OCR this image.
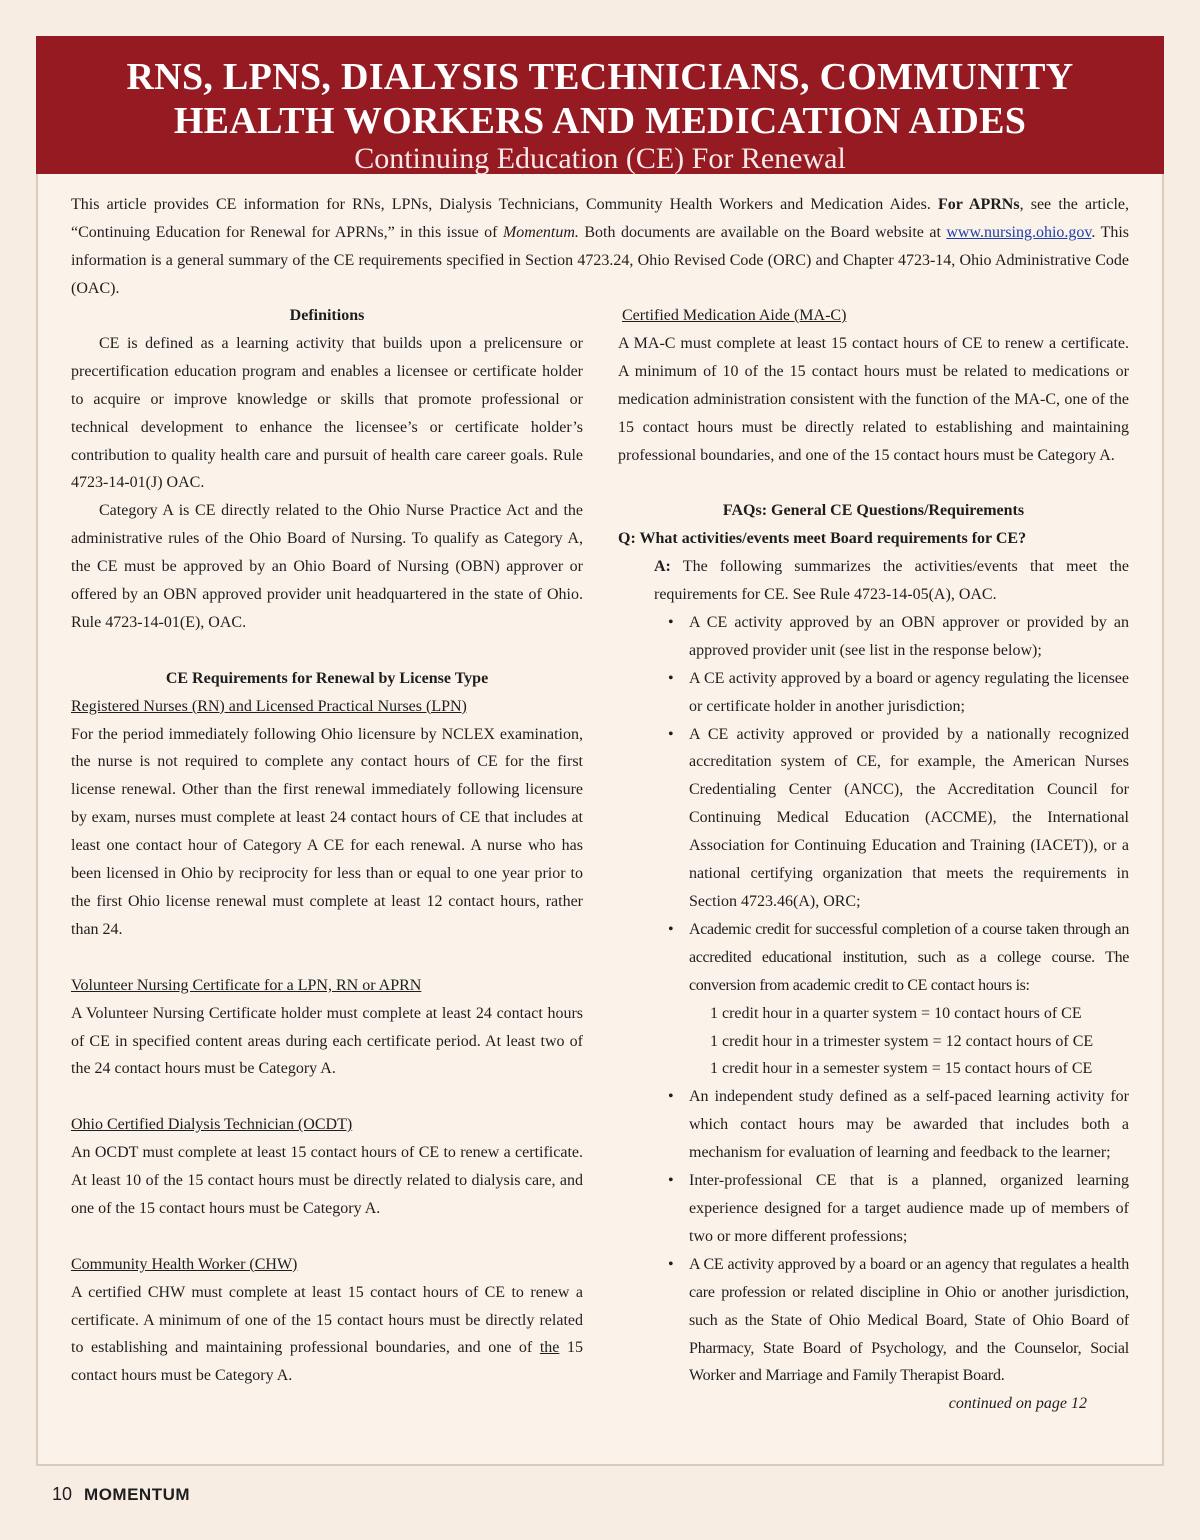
RNS, LPNS, DIALYSIS TECHNICIANS, COMMUNITY
HEALTH WORKERS AND MEDICATION AIDES
Continuing Education (CE) For Renewal
This article provides CE information for RNs, LPNs, Dialysis Technicians, Community Health Workers and Medication Aides. For APRNs, see the article, “Continuing Education for Renewal for APRNs,” in this issue of Momentum. Both documents are available on the Board website at www.nursing.ohio.gov. This information is a general summary of the CE requirements specified in Section 4723.24, Ohio Revised Code (ORC) and Chapter 4723-14, Ohio Administrative Code (OAC).

Definitions

CE is defined as a learning activity that builds upon a prelicensure or precertification education program and enables a licensee or certificate holder to acquire or improve knowledge or skills that promote professional or technical development to enhance the licensee’s or certificate holder’s contribution to quality health care and pursuit of health care career goals. Rule 4723-14-01(J) OAC.

Category A is CE directly related to the Ohio Nurse Practice Act and the administrative rules of the Ohio Board of Nursing. To qualify as Category A, the CE must be approved by an Ohio Board of Nursing (OBN) approver or offered by an OBN approved provider unit headquartered in the state of Ohio. Rule 4723-14-01(E), OAC.

CE Requirements for Renewal by License Type

Registered Nurses (RN) and Licensed Practical Nurses (LPN)

For the period immediately following Ohio licensure by NCLEX examination, the nurse is not required to complete any contact hours of CE for the first license renewal. Other than the first renewal immediately following licensure by exam, nurses must complete at least 24 contact hours of CE that includes at least one contact hour of Category A CE for each renewal. A nurse who has been licensed in Ohio by reciprocity for less than or equal to one year prior to the first Ohio license renewal must complete at least 12 contact hours, rather than 24.

Volunteer Nursing Certificate for a LPN, RN or APRN

A Volunteer Nursing Certificate holder must complete at least 24 contact hours of CE in specified content areas during each certificate period. At least two of the 24 contact hours must be Category A.

Ohio Certified Dialysis Technician (OCDT)

An OCDT must complete at least 15 contact hours of CE to renew a certificate. At least 10 of the 15 contact hours must be directly related to dialysis care, and one of the 15 contact hours must be Category A.

Community Health Worker (CHW)

A certified CHW must complete at least 15 contact hours of CE to renew a certificate. A minimum of one of the 15 contact hours must be directly related to establishing and maintaining professional boundaries, and one of the 15 contact hours must be Category A.

Certified Medication Aide (MA-C)

A MA-C must complete at least 15 contact hours of CE to renew a certificate. A minimum of 10 of the 15 contact hours must be related to medications or medication administration consistent with the function of the MA-C, one of the 15 contact hours must be directly related to establishing and maintaining professional boundaries, and one of the 15 contact hours must be Category A.

FAQs: General CE Questions/Requirements

Q: What activities/events meet Board requirements for CE?

A: The following summarizes the activities/events that meet the requirements for CE. See Rule 4723-14-05(A), OAC.

• A CE activity approved by an OBN approver or provided by an approved provider unit (see list in the response below);
• A CE activity approved by a board or agency regulating the licensee or certificate holder in another jurisdiction;
• A CE activity approved or provided by a nationally recognized accreditation system of CE, for example, the American Nurses Credentialing Center (ANCC), the Accreditation Council for Continuing Medical Education (ACCME), the International Association for Continuing Education and Training (IACET)), or a national certifying organization that meets the requirements in Section 4723.46(A), ORC;
• Academic credit for successful completion of a course taken through an accredited educational institution, such as a college course. The conversion from academic credit to CE contact hours is:

1 credit hour in a quarter system = 10 contact hours of CE

1 credit hour in a trimester system = 12 contact hours of CE

1 credit hour in a semester system = 15 contact hours of CE

• An independent study defined as a self-paced learning activity for which contact hours may be awarded that includes both a mechanism for evaluation of learning and feedback to the learner;
• Inter-professional CE that is a planned, organized learning experience designed for a target audience made up of members of two or more different professions;
• A CE activity approved by a board or an agency that regulates a health care profession or related discipline in Ohio or another jurisdiction, such as the State of Ohio Medical Board, State of Ohio Board of Pharmacy, State Board of Psychology, and the Counselor, Social Worker and Marriage and Family Therapist Board.

continued on page 12

10 MOMENTUM
